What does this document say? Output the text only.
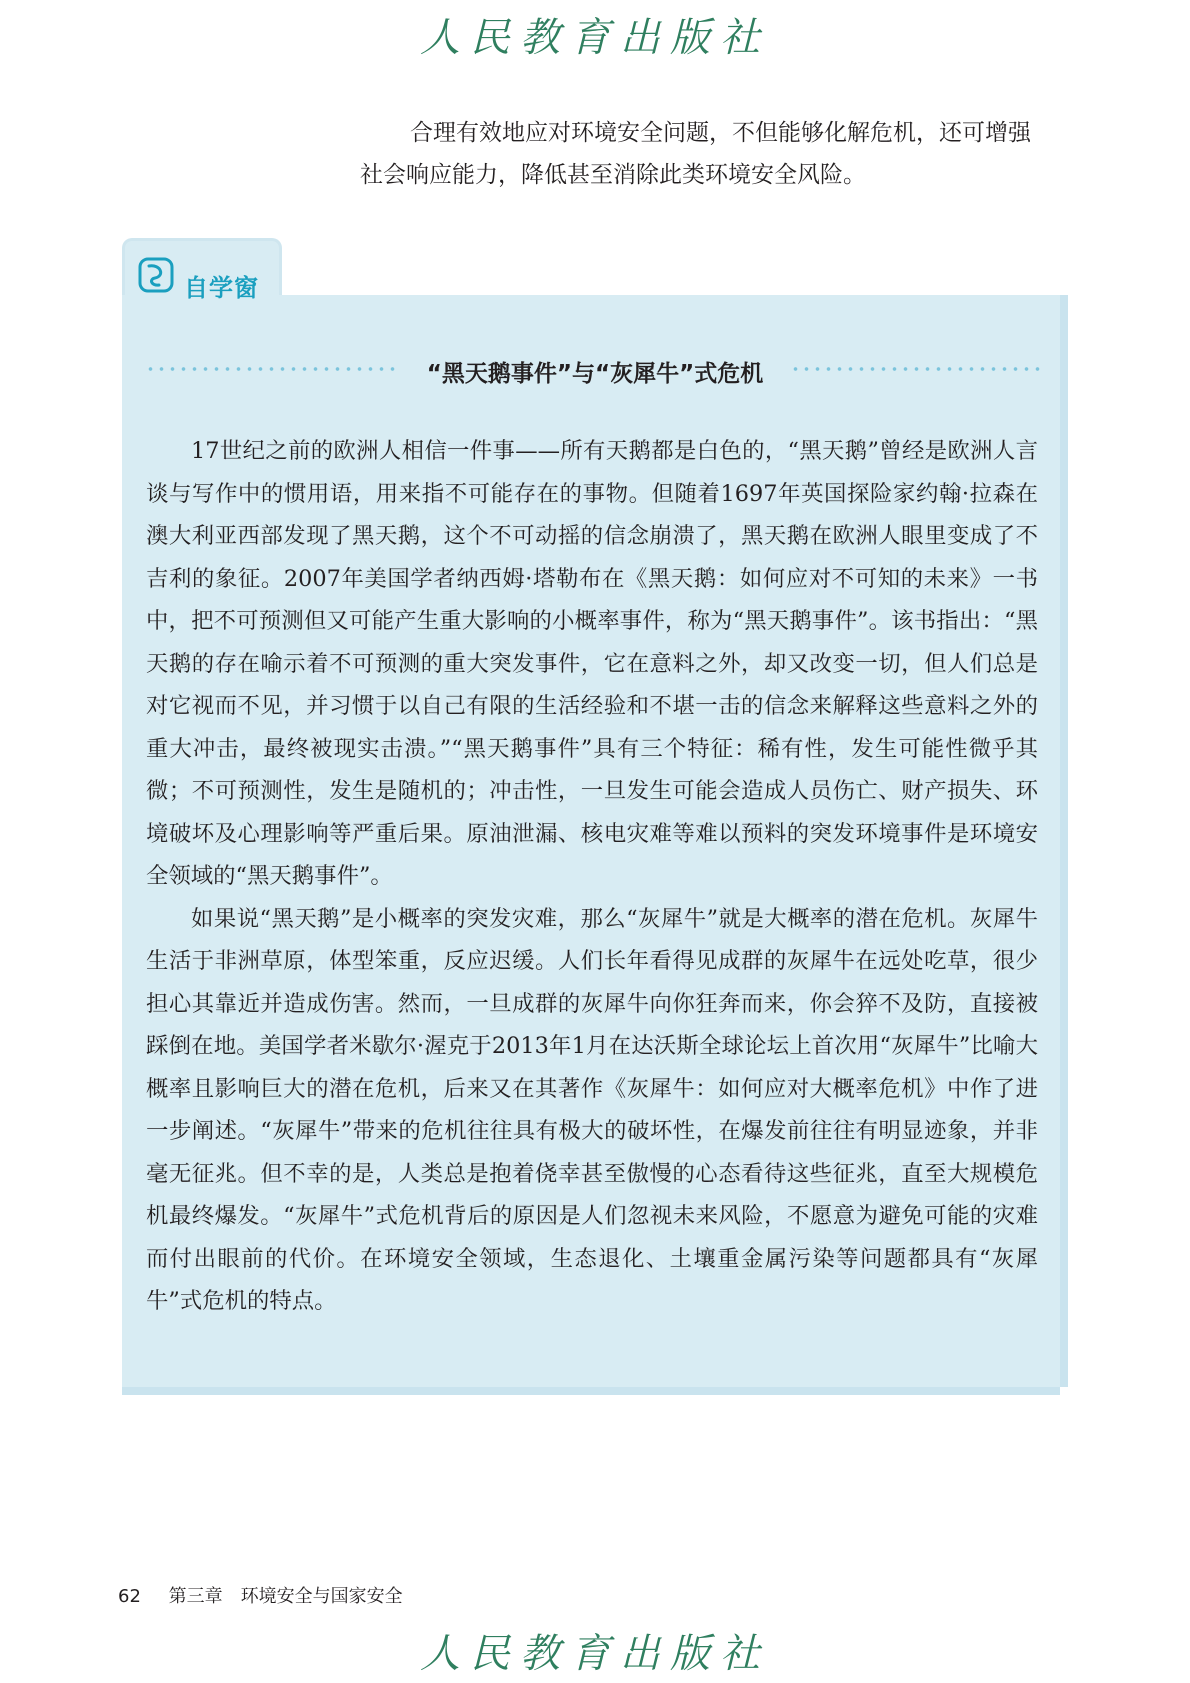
人民教育出版社

合理有效地应对环境安全问题，不但能够化解危机，还可增强

社会响应能力，降低甚至消除此类环境安全风险。

自学窗
“黑天鹅事件”与“灰犀牛”式危机

17世纪之前的欧洲人相信一件事——所有天鹅都是白色的，“黑天鹅”曾经是欧洲人言谈与写作中的惯用语，用来指不可能存在的事物。但随着1697年英国探险家约翰·拉森在澳大利亚西部发现了黑天鹅，这个不可动摇的信念崩溃了，黑天鹅在欧洲人眼里变成了不吉利的象征。2007年美国学者纳西姆·塔勒布在《黑天鹅：如何应对不可知的未来》一书中，把不可预测但又可能产生重大影响的小概率事件，称为“黑天鹅事件”。该书指出：“黑天鹅的存在喻示着不可预测的重大突发事件，它在意料之外，却又改变一切，但人们总是对它视而不见，并习惯于以自己有限的生活经验和不堪一击的信念来解释这些意料之外的重大冲击，最终被现实击溃。”“黑天鹅事件”具有三个特征：稀有性，发生可能性微乎其微；不可预测性，发生是随机的；冲击性，一旦发生可能会造成人员伤亡、财产损失、环境破坏及心理影响等严重后果。原油泄漏、核电灾难等难以预料的突发环境事件是环境安全领域的“黑天鹅事件”。

如果说“黑天鹅”是小概率的突发灾难，那么“灰犀牛”就是大概率的潜在危机。灰犀牛生活于非洲草原，体型笨重，反应迟缓。人们长年看得见成群的灰犀牛在远处吃草，很少担心其靠近并造成伤害。然而，一旦成群的灰犀牛向你狂奔而来，你会猝不及防，直接被踩倒在地。美国学者米歇尔·渥克于2013年1月在达沃斯全球论坛上首次用“灰犀牛”比喻大概率且影响巨大的潜在危机，后来又在其著作《灰犀牛：如何应对大概率危机》中作了进一步阐述。“灰犀牛”带来的危机往往具有极大的破坏性，在爆发前往往有明显迹象，并非毫无征兆。但不幸的是，人类总是抱着侥幸甚至傲慢的心态看待这些征兆，直至大规模危机最终爆发。“灰犀牛”式危机背后的原因是人们忽视未来风险，不愿意为避免可能的灾难而付出眼前的代价。在环境安全领域，生态退化、土壤重金属污染等问题都具有“灰犀牛”式危机的特点。

62 第三章　环境安全与国家安全
人民教育出版社
